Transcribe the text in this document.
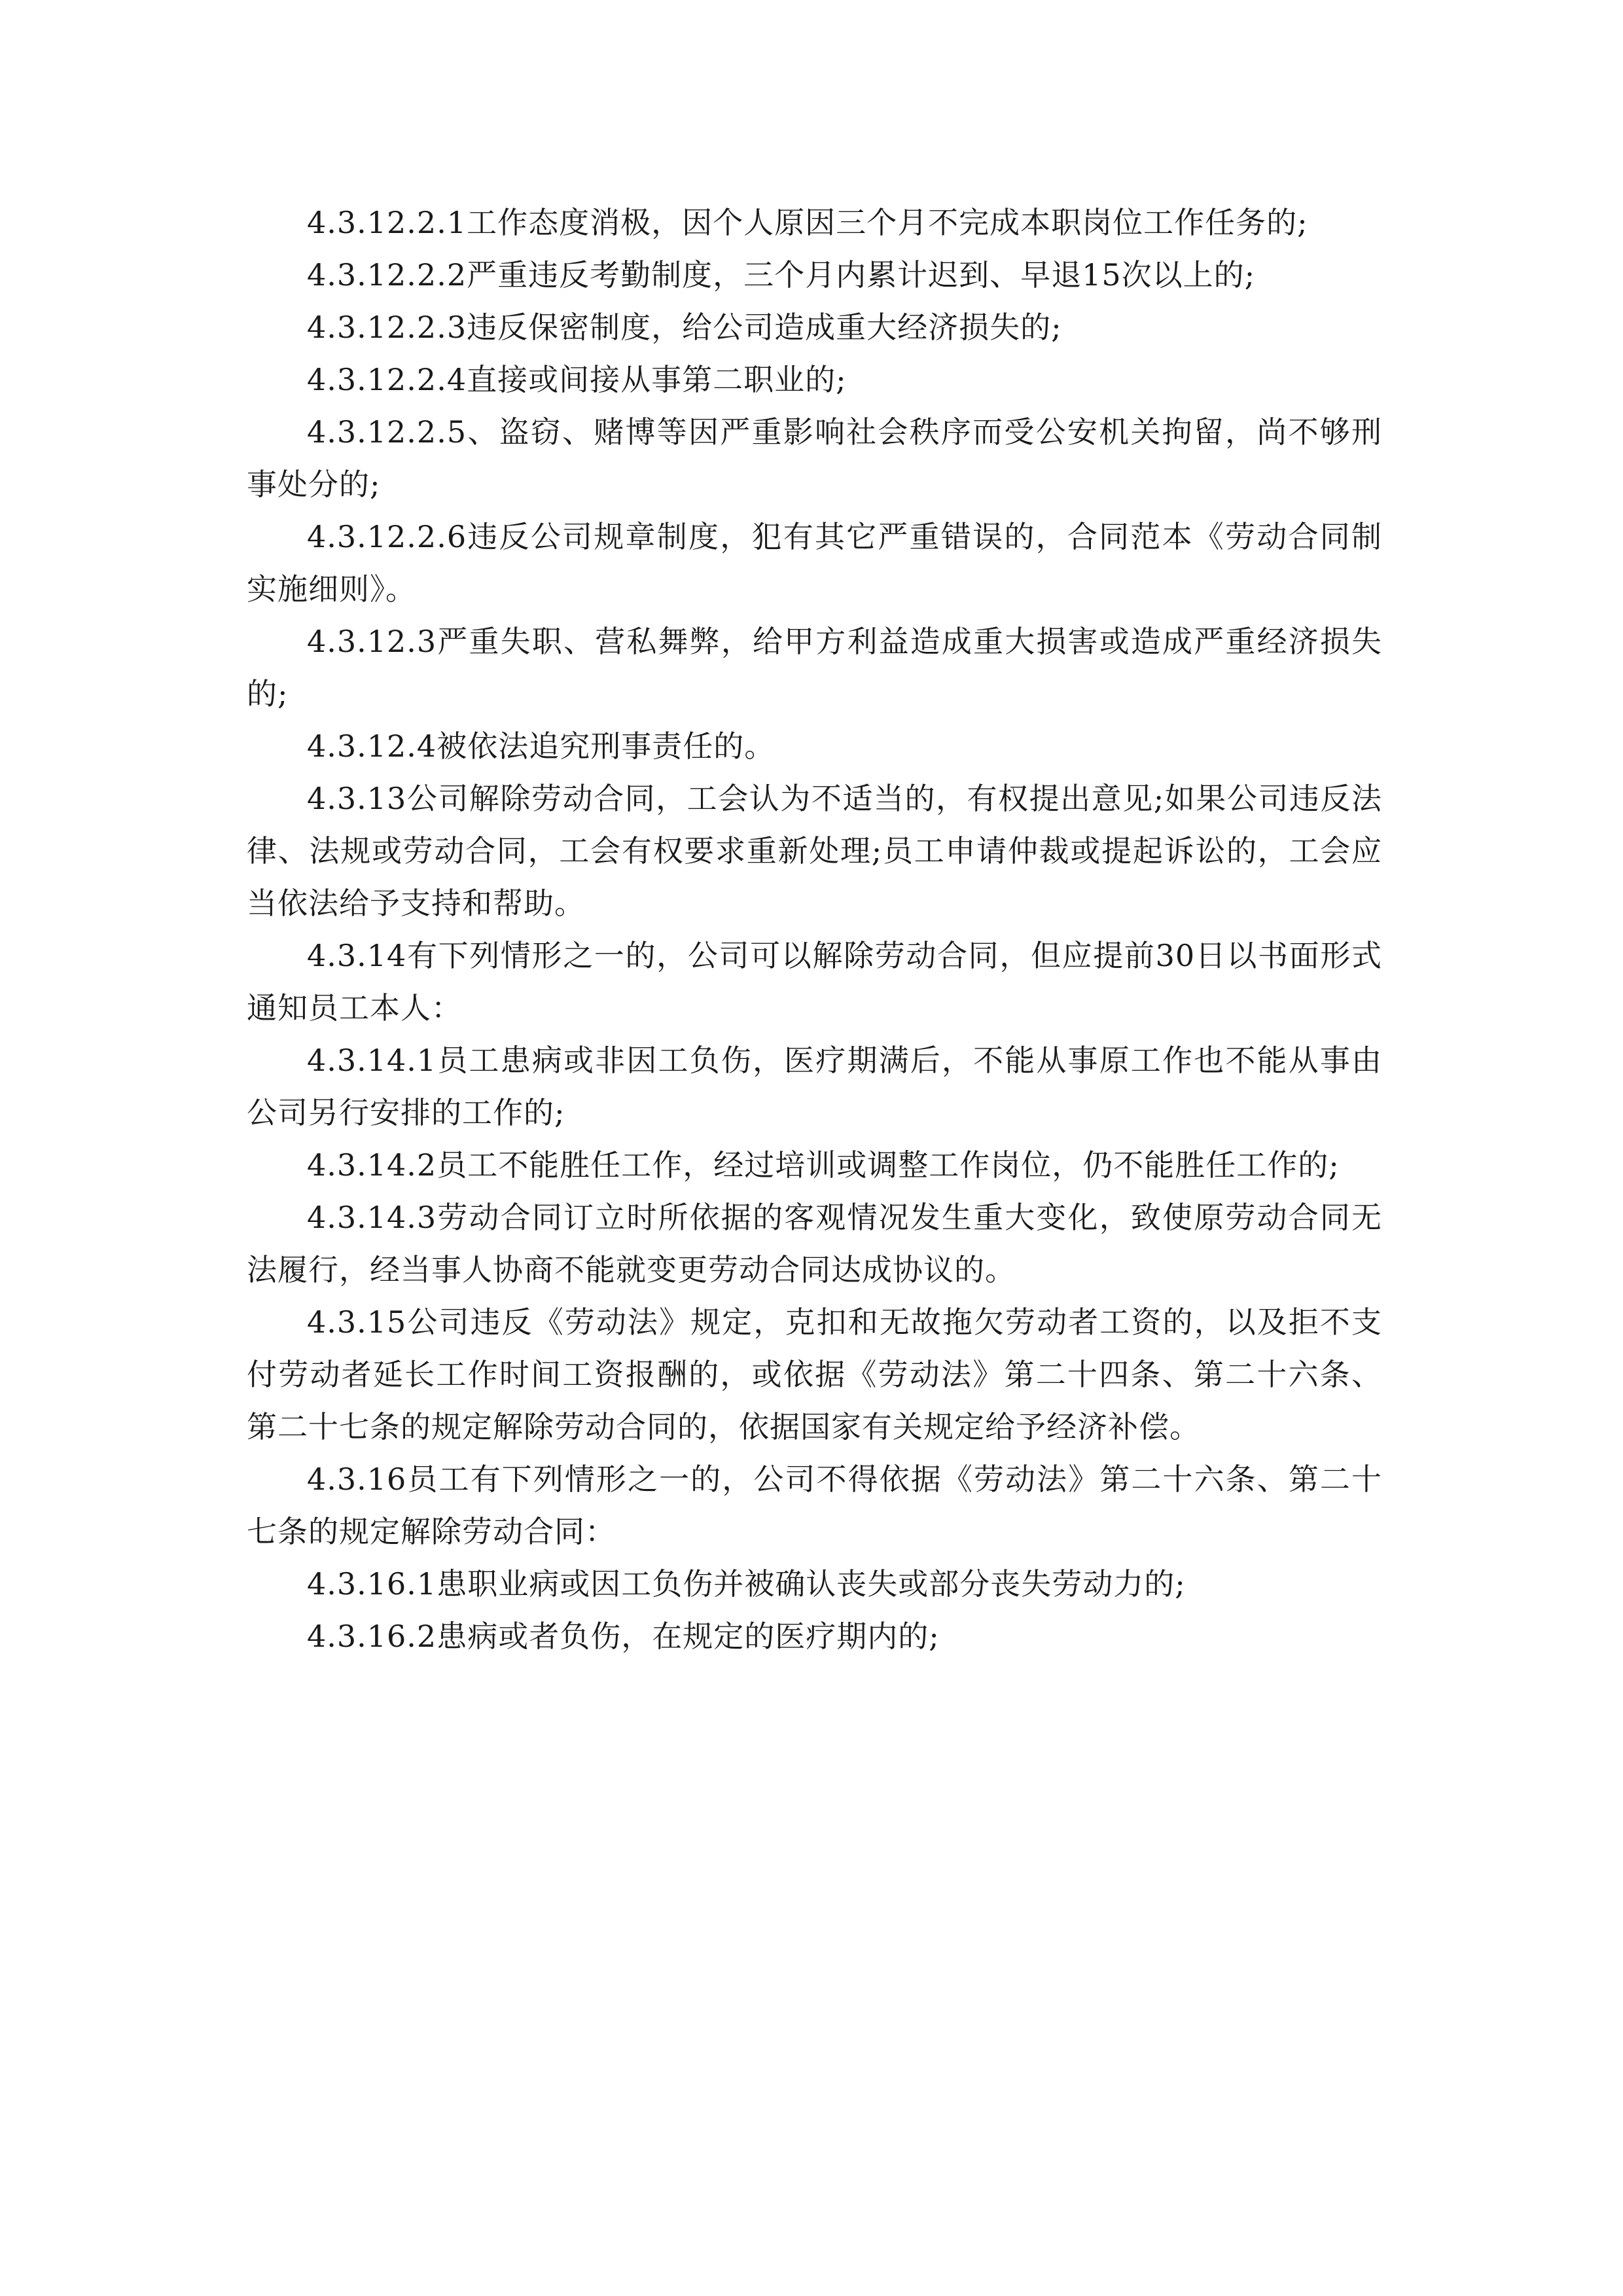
4.3.12.2.1工作态度消极，因个人原因三个月不完成本职岗位工作任务的;

4.3.12.2.2严重违反考勤制度，三个月内累计迟到、早退15次以上的;

4.3.12.2.3违反保密制度，给公司造成重大经济损失的;

4.3.12.2.4直接或间接从事第二职业的;

4.3.12.2.5、盗窃、赌博等因严重影响社会秩序而受公安机关拘留，尚不够刑事处分的;

4.3.12.2.6违反公司规章制度，犯有其它严重错误的，合同范本《劳动合同制实施细则》。

4.3.12.3严重失职、营私舞弊，给甲方利益造成重大损害或造成严重经济损失的;

4.3.12.4被依法追究刑事责任的。

4.3.13公司解除劳动合同，工会认为不适当的，有权提出意见;如果公司违反法律、法规或劳动合同，工会有权要求重新处理;员工申请仲裁或提起诉讼的，工会应当依法给予支持和帮助。

4.3.14有下列情形之一的，公司可以解除劳动合同，但应提前30日以书面形式通知员工本人：

4.3.14.1员工患病或非因工负伤，医疗期满后，不能从事原工作也不能从事由公司另行安排的工作的;

4.3.14.2员工不能胜任工作，经过培训或调整工作岗位，仍不能胜任工作的;

4.3.14.3劳动合同订立时所依据的客观情况发生重大变化，致使原劳动合同无法履行，经当事人协商不能就变更劳动合同达成协议的。

4.3.15公司违反《劳动法》规定，克扣和无故拖欠劳动者工资的，以及拒不支付劳动者延长工作时间工资报酬的，或依据《劳动法》第二十四条、第二十六条、第二十七条的规定解除劳动合同的，依据国家有关规定给予经济补偿。

4.3.16员工有下列情形之一的，公司不得依据《劳动法》第二十六条、第二十七条的规定解除劳动合同：

4.3.16.1患职业病或因工负伤并被确认丧失或部分丧失劳动力的;

4.3.16.2患病或者负伤，在规定的医疗期内的;
